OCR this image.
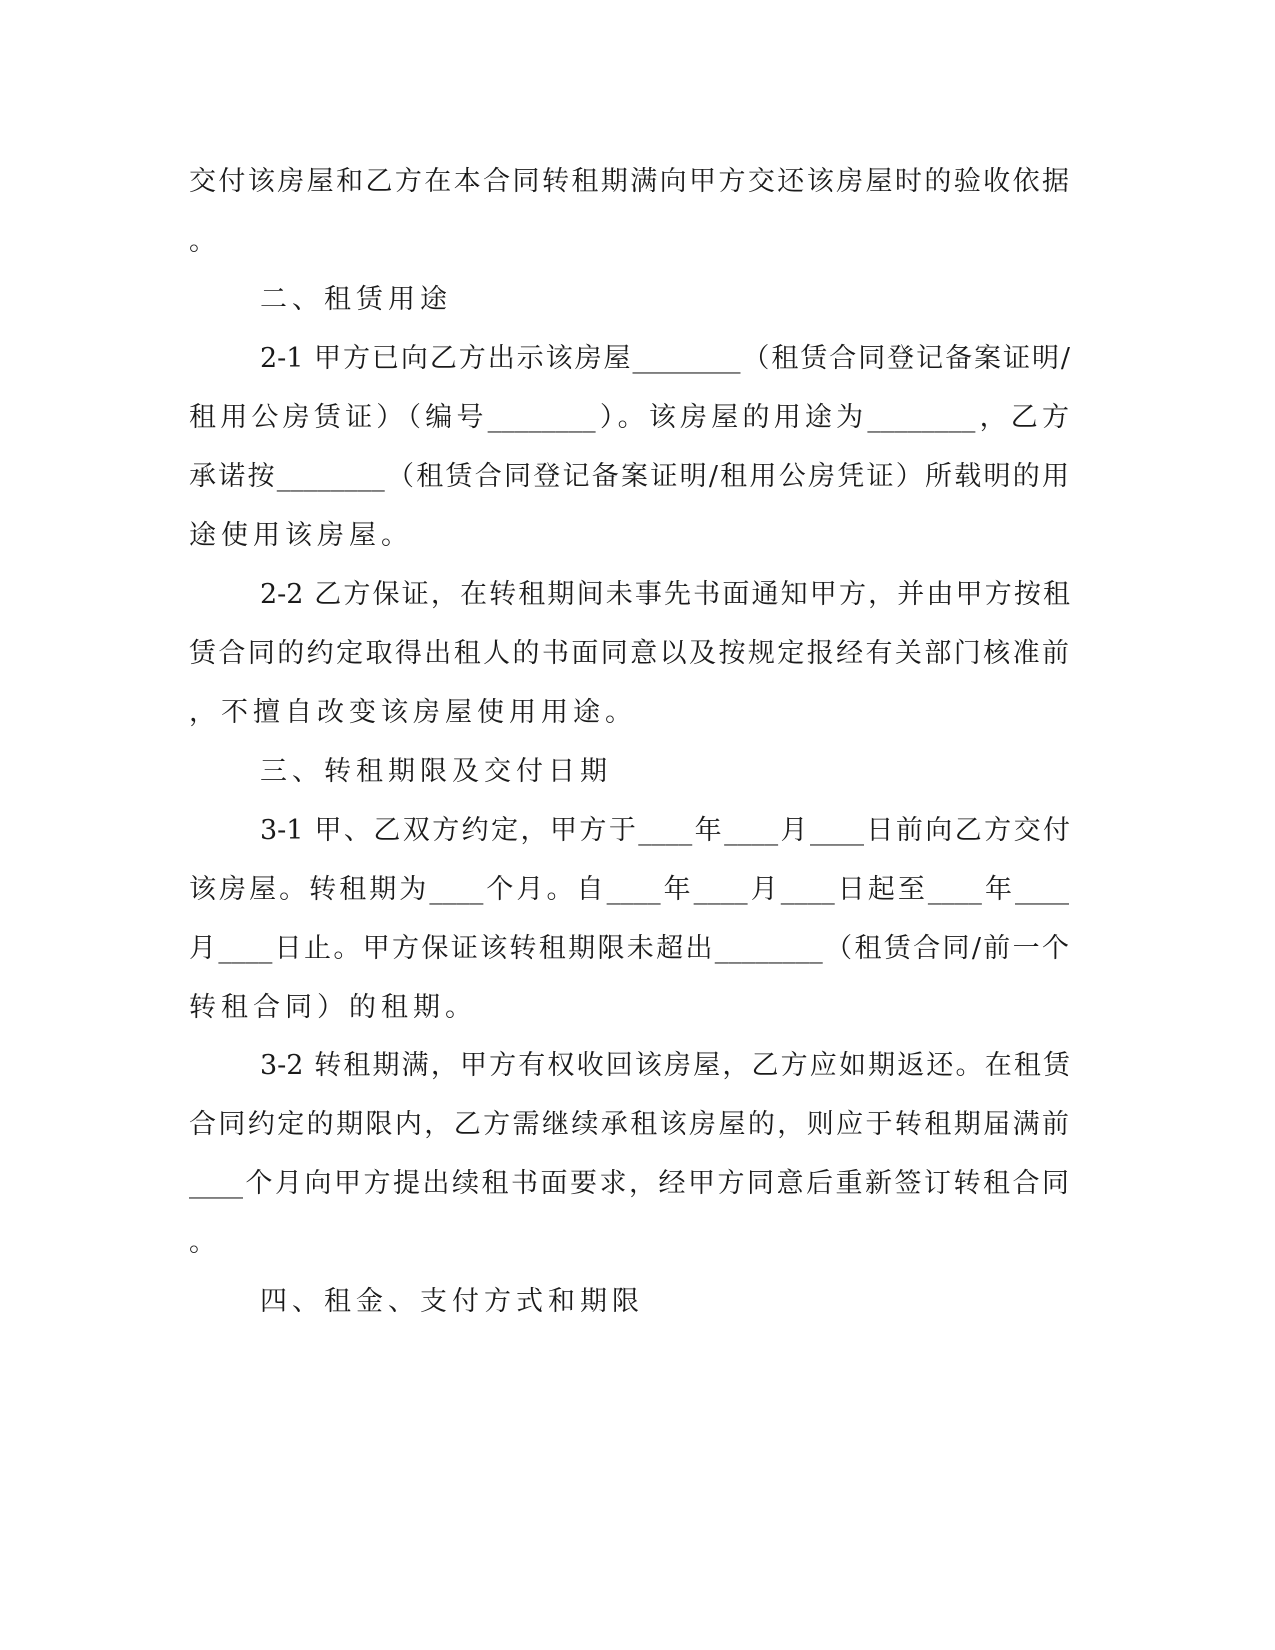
交付该房屋和乙方在本合同转租期满向甲方交还该房屋时的验收依据
。
二、租赁用途
2-1 甲方已向乙方出示该房屋________（租赁合同登记备案证明/
租用公房赁证）（编号________）。该房屋的用途为________，乙方
承诺按________（租赁合同登记备案证明/租用公房凭证）所载明的用
途使用该房屋。
2-2 乙方保证，在转租期间未事先书面通知甲方，并由甲方按租
赁合同的约定取得出租人的书面同意以及按规定报经有关部门核准前
，不擅自改变该房屋使用用途。
三、转租期限及交付日期
3-1 甲、乙双方约定，甲方于____年____月____日前向乙方交付
该房屋。转租期为____个月。自____年____月____日起至____年____
月____日止。甲方保证该转租期限未超出________（租赁合同/前一个
转租合同）的租期。
3-2 转租期满，甲方有权收回该房屋，乙方应如期返还。在租赁
合同约定的期限内，乙方需继续承租该房屋的，则应于转租期届满前
____个月向甲方提出续租书面要求，经甲方同意后重新签订转租合同
。
四、租金、支付方式和期限
